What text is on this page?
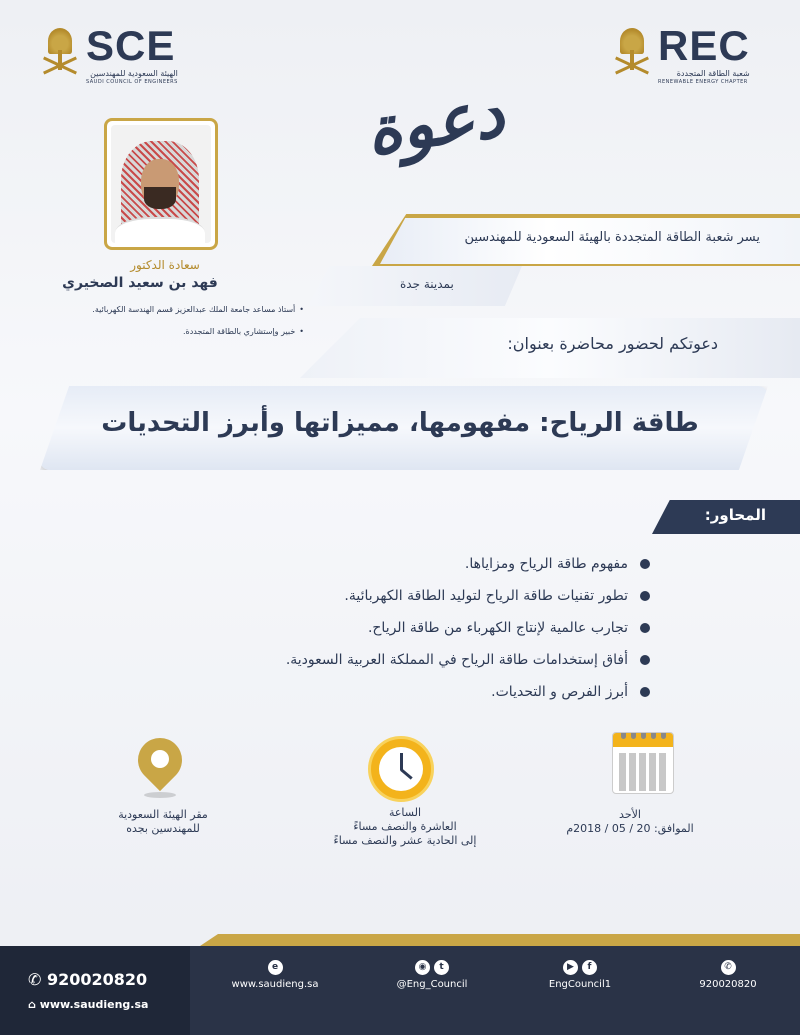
SCE
الهيئة السعودية للمهندسين
SAUDI COUNCIL OF ENGINEERS
REC
شعبة الطاقة المتجددة
RENEWABLE ENERGY CHAPTER
دعوة
سعادة الدكتور
فهد بن سعيد الصخيري
• أستاذ مساعد جامعة الملك عبدالعزيز قسم الهندسة الكهربائية.
• خبير وإستشاري بالطاقة المتجددة.
يسر شعبة الطاقة المتجددة بالهيئة السعودية للمهندسين
بمدينة جدة
دعوتكم لحضور محاضرة بعنوان:
طاقة الرياح: مفهومها، مميزاتها وأبرز التحديات
المحاور:
مفهوم طاقة الرياح ومزاياها.
تطور تقنيات طاقة الرياح لتوليد الطاقة الكهربائية.
تجارب عالمية لإنتاج الكهرباء من طاقة الرياح.
أفاق إستخدامات طاقة الرياح في المملكة العربية السعودية.
أبرز الفرص و التحديات.
مقر الهيئة السعودية
للمهندسين بجده
الساعة
العاشرة والنصف مساءً
إلى الحادية عشر والنصف مساءً
الأحد
الموافق: 20 / 05 / 2018م
✆ 920020820
⌂ www.saudieng.sa
e
www.saudieng.sa
◉	t
@Eng_Council
▶	f
EngCouncil1
✆
920020820
